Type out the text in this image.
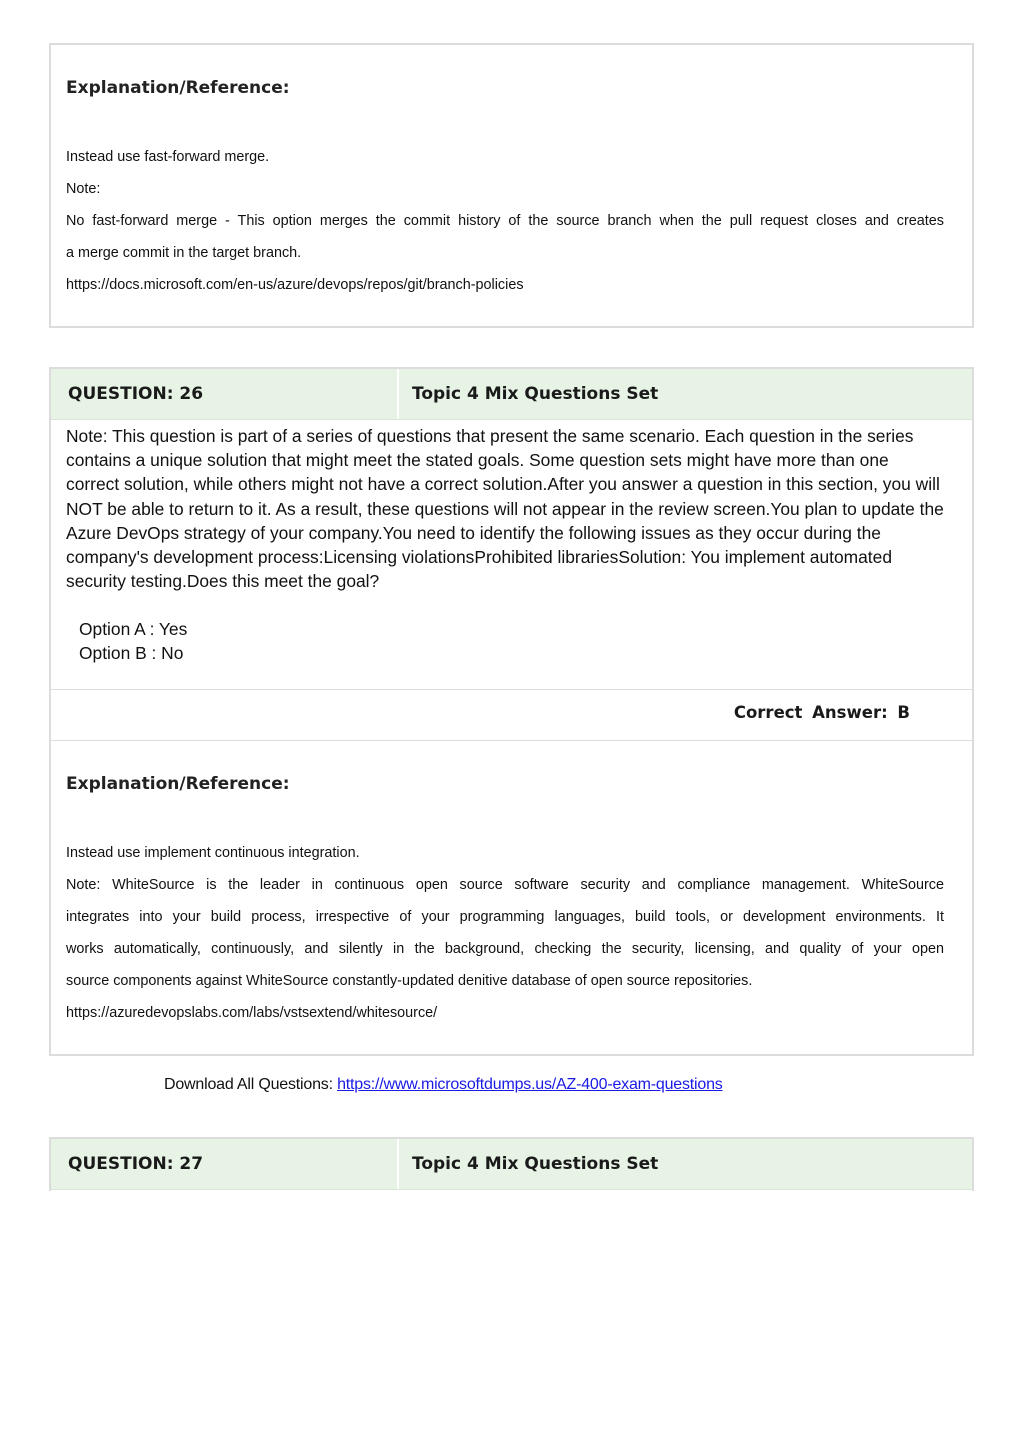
Explanation/Reference:

Instead use fast-forward merge.

Note:

No fast-forward merge - This option merges the commit history of the source branch when the pull request closes and creates

a merge commit in the target branch.

https://docs.microsoft.com/en-us/azure/devops/repos/git/branch-policies

QUESTION: 26	Topic 4 Mix Questions Set

Note: This question is part of a series of questions that present the same scenario. Each question in the series contains a unique solution that might meet the stated goals. Some question sets might have more than one correct solution, while others might not have a correct solution.After you answer a question in this section, you will NOT be able to return to it. As a result, these questions will not appear in the review screen.You plan to update the Azure DevOps strategy of your company.You need to identify the following issues as they occur during the company's development process:Licensing violationsProhibited librariesSolution: You implement automated security testing.Does this meet the goal?

Option A : Yes

Option B : No

Correct Answer: B

Explanation/Reference:

Instead use implement continuous integration.

Note: WhiteSource is the leader in continuous open source software security and compliance management. WhiteSource

integrates into your build process, irrespective of your programming languages, build tools, or development environments. It

works automatically, continuously, and silently in the background, checking the security, licensing, and quality of your open

source components against WhiteSource constantly-updated denitive database of open source repositories.

https://azuredevopslabs.com/labs/vstsextend/whitesource/

Download All Questions: https://www.microsoftdumps.us/AZ-400-exam-questions

QUESTION: 27	Topic 4 Mix Questions Set
